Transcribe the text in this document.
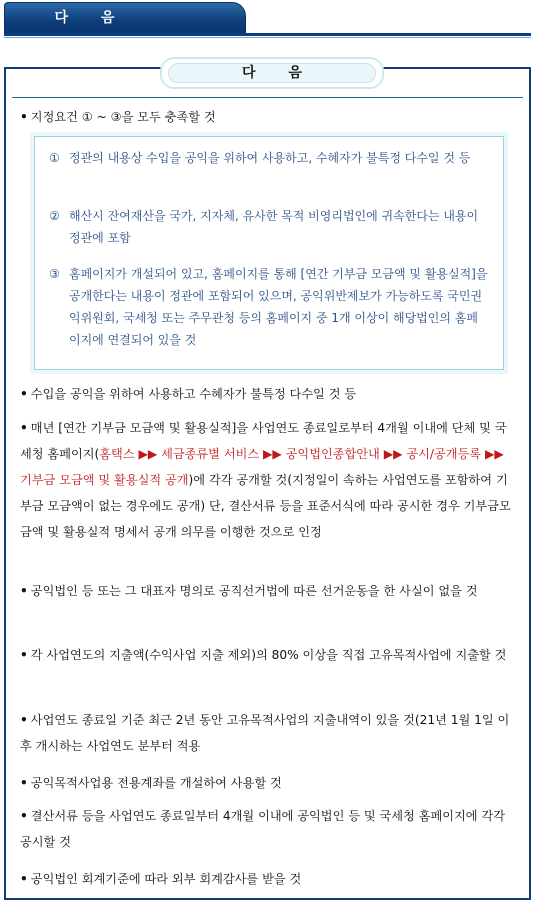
다 음
다 음
• 지정요건 ① ~ ③을 모두 충족할 것
① 정관의 내용상 수입을 공익을 위하여 사용하고, 수혜자가 불특정 다수일 것 등
② 해산시 잔여재산을 국가, 지자체, 유사한 목적 비영리법인에 귀속한다는 내용이 정관에 포함
③ 홈페이지가 개설되어 있고, 홈페이지를 통해 [연간 기부금 모금액 및 활용실적]을 공개한다는 내용이 정관에 포함되어 있으며, 공익위반제보가 가능하도록 국민권익위원회, 국세청 또는 주무관청 등의 홈페이지 중 1개 이상이 해당법인의 홈페이지에 연결되어 있을 것
• 수입을 공익을 위하여 사용하고 수혜자가 불특정 다수일 것 등
• 매년 [연간 기부금 모금액 및 활용실적]을 사업연도 종료일로부터 4개월 이내에 단체 및 국세청 홈페이지(홈택스 ▶▶ 세금종류별 서비스 ▶▶ 공익법인종합안내 ▶▶ 공시/공개등록 ▶▶ 기부금 모금액 및 활용실적 공개)에 각각 공개할 것(지정일이 속하는 사업연도를 포함하여 기부금 모금액이 없는 경우에도 공개) 단, 결산서류 등을 표준서식에 따라 공시한 경우 기부금모금액 및 활용실적 명세서 공개 의무를 이행한 것으로 인정
• 공익법인 등 또는 그 대표자 명의로 공직선거법에 따른 선거운동을 한 사실이 없을 것
• 각 사업연도의 지출액(수익사업 지출 제외)의 80% 이상을 직접 고유목적사업에 지출할 것
• 사업연도 종료일 기준 최근 2년 동안 고유목적사업의 지출내역이 있을 것(21년 1월 1일 이후 개시하는 사업연도 분부터 적용
• 공익목적사업용 전용계좌를 개설하여 사용할 것
• 결산서류 등을 사업연도 종료일부터 4개월 이내에 공익법인 등 및 국세청 홈페이지에 각각 공시할 것
• 공익법인 회계기준에 따라 외부 회계감사를 받을 것
